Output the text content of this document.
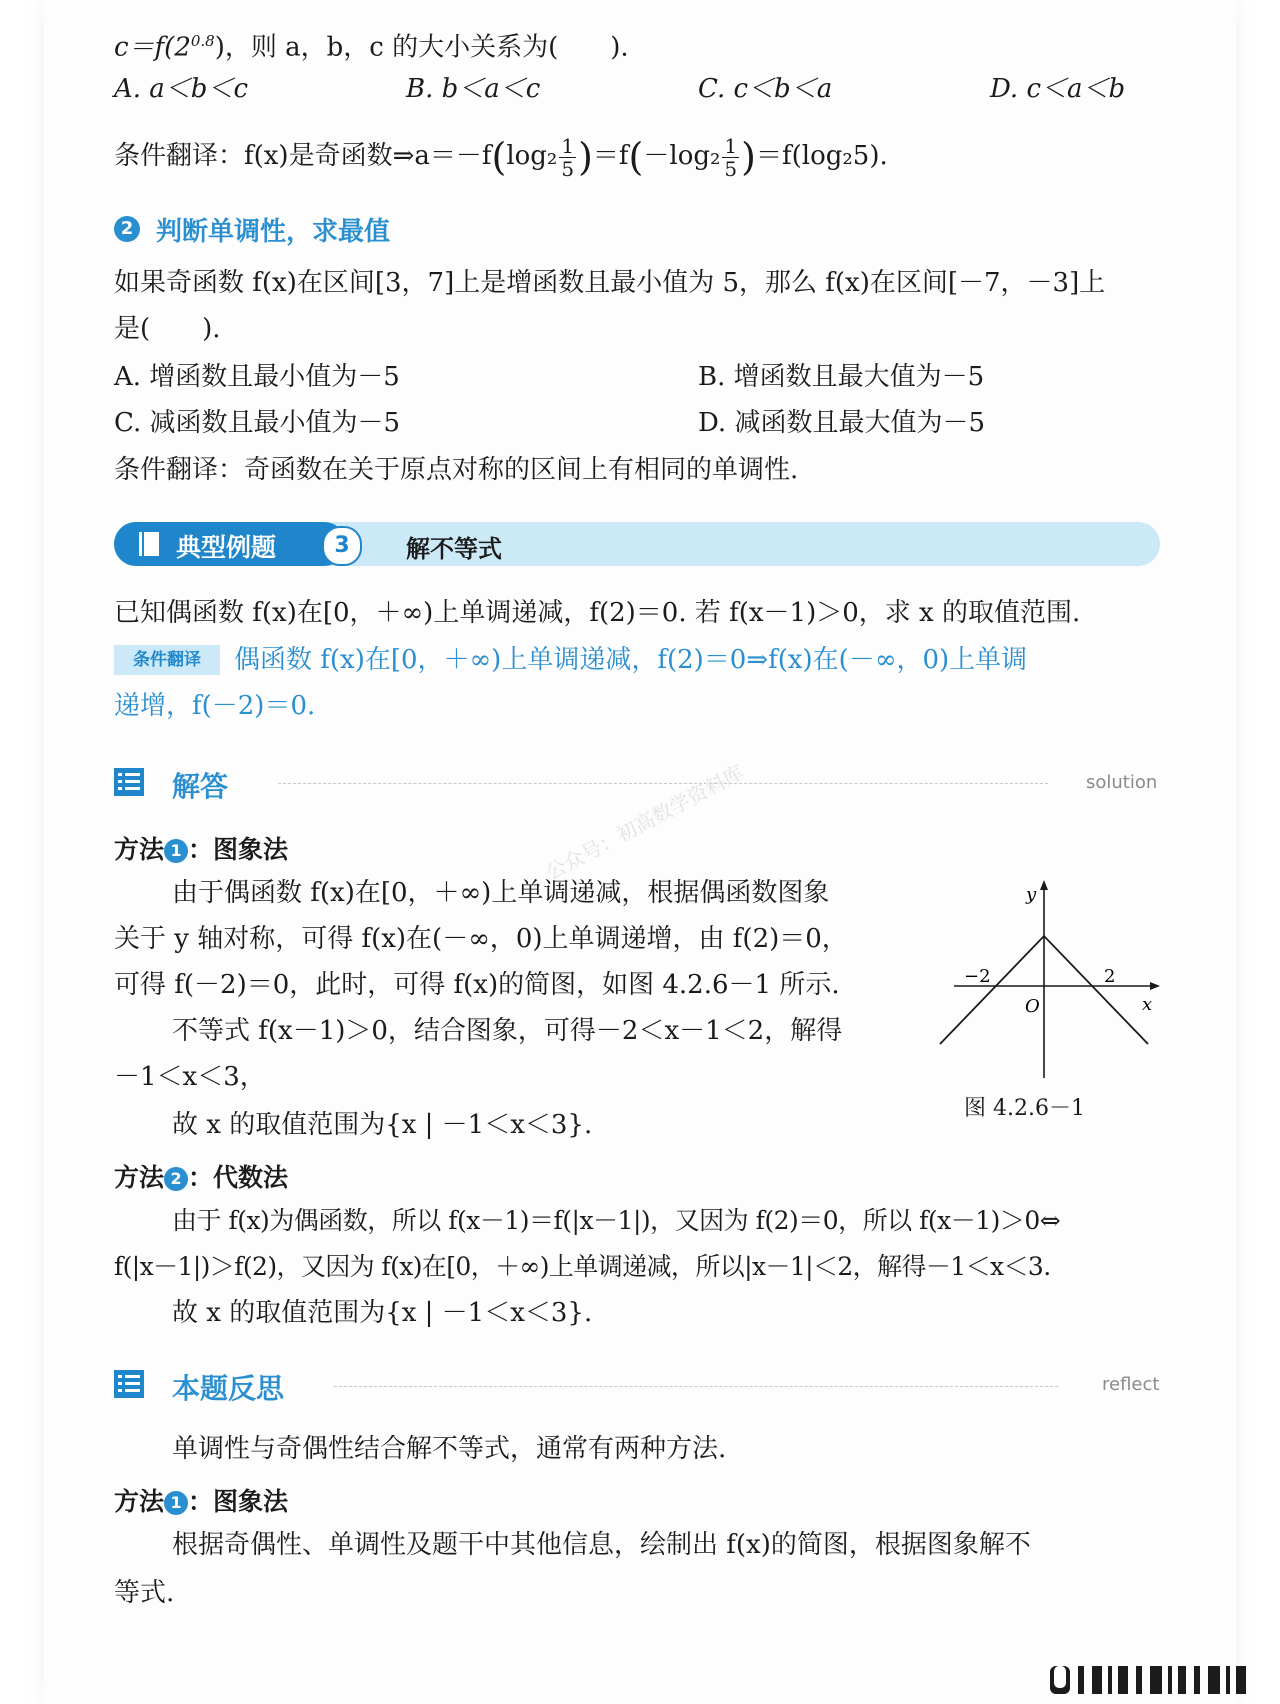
$c=f(2^{0.8})$，则 a，b，c 的大小关系为(　　).
A. a＜b＜c	B. b＜a＜c	C. c＜b＜a	D. c＜a＜b
条件翻译：f(x)是奇函数⇒a＝－f(log₂ $\frac{1}{5} )=f(-\log_2 \frac{1}{5} )=f(\log_25)$.
2 判断单调性，求最值
如果奇函数 f(x)在区间[3，7]上是增函数且最小值为 5，那么 f(x)在区间[－7，－3]上
是(　　).
A. 增函数且最小值为－5	B. 增函数且最大值为－5
C. 减函数且最小值为－5	D. 减函数且最大值为－5
条件翻译：奇函数在关于原点对称的区间上有相同的单调性.
典型例题	3	解不等式
已知偶函数 f(x)在[0，＋∞)上单调递减，f(2)＝0. 若 f(x－1)＞0，求 x 的取值范围.
条件翻译	偶函数 f(x)在[0，＋∞)上单调递减，f(2)＝0⇒f(x)在(－∞，0)上单调
递增，f(－2)＝0.
解答	solution
方法 1 ：图象法
由于偶函数 f(x)在[0，＋∞)上单调递减，根据偶函数图象
关于 y 轴对称，可得 f(x)在(－∞，0)上单调递增，由 f(2)＝0，
可得 f(－2)＝0，此时，可得 f(x)的简图，如图 4.2.6－1 所示.
不等式 f(x－1)＞0，结合图象，可得－2＜x－1＜2，解得
－1＜x＜3，
故 x 的取值范围为{x | －1＜x＜3}.
公众号：初高数学资料库
y
x
O
−2	2
图 4.2.6－1
方法 2 ：代数法
由于 f(x)为偶函数，所以 f(x－1)＝f(|x－1|)，又因为 f(2)＝0，所以 f(x－1)＞0⇔
f(|x－1|)＞f(2)，又因为 f(x)在[0，＋∞)上单调递减，所以|x－1|＜2，解得－1＜x＜3.
故 x 的取值范围为{x | －1＜x＜3}.
本题反思	reflect
单调性与奇偶性结合解不等式，通常有两种方法.
方法 1 ：图象法
根据奇偶性、单调性及题干中其他信息，绘制出 f(x)的简图，根据图象解不
等式.
